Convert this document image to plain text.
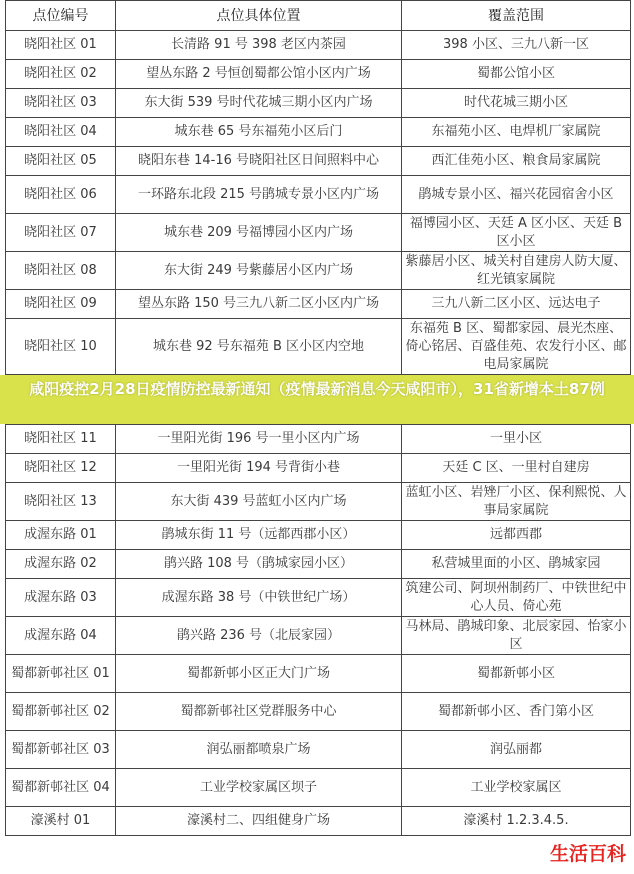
点位编号	点位具体位置	覆盖范围
晓阳社区 01	长清路 91 号 398 老区内茶园	398 小区、三九八新一区
晓阳社区 02	望丛东路 2 号恒创蜀都公馆小区内广场	蜀都公馆小区
晓阳社区 03	东大街 539 号时代花城三期小区内广场	时代花城三期小区
晓阳社区 04	城东巷 65 号东福苑小区后门	东福苑小区、电焊机厂家属院
晓阳社区 05	晓阳东巷 14-16 号晓阳社区日间照料中心	西汇佳苑小区、粮食局家属院
晓阳社区 06	一环路东北段 215 号鹃城专景小区内广场	鹃城专景小区、福兴花园宿舍小区
晓阳社区 07	城东巷 209 号福博园小区内广场	福博园小区、天廷 A 区小区、天廷 B 区小区
晓阳社区 08	东大街 249 号紫藤居小区内广场	紫藤居小区、城关村自建房人防大厦、红光镇家属院
晓阳社区 09	望丛东路 150 号三九八新二区小区内广场	三九八新二区小区、远达电子
晓阳社区 10	城东巷 92 号东福苑 B 区小区内空地	东福苑 B 区、蜀都家园、晨光杰座、倚心铭居、百盛佳苑、农发行小区、邮电局家属院
咸阳疫控2月28日疫情防控最新通知（疫情最新消息今天咸阳市），31省新增本土87例
晓阳社区 11	一里阳光街 196 号一里小区内广场	一里小区
晓阳社区 12	一里阳光街 194 号背街小巷	天廷 C 区、一里村自建房
晓阳社区 13	东大街 439 号蓝虹小区内广场	蓝虹小区、岩矬厂小区、保利熙悦、人事局家属院
成渥东路 01	鹃城东街 11 号（远都西郡小区）	远都西郡
成渥东路 02	鹃兴路 108 号（鹃城家园小区）	私营城里面的小区、鹃城家园
成渥东路 03	成渥东路 38 号（中铁世纪广场）	筑建公司、阿坝州制药厂、中铁世纪中心人员、倚心苑
成渥东路 04	鹃兴路 236 号（北辰家园）	马林局、鹃城印象、北辰家园、怡家小区
蜀都新邨社区 01	蜀都新邨小区正大门广场	蜀都新邨小区
蜀都新邨社区 02	蜀都新邨社区党群服务中心	蜀都新邨小区、香门第小区
蜀都新邨社区 03	润弘丽都喷泉广场	润弘丽都
蜀都新邨社区 04	工业学校家属区坝子	工业学校家属区
濠溪村 01	濠溪村二、四组健身广场	濠溪村 1.2.3.4.5.
生活百科
